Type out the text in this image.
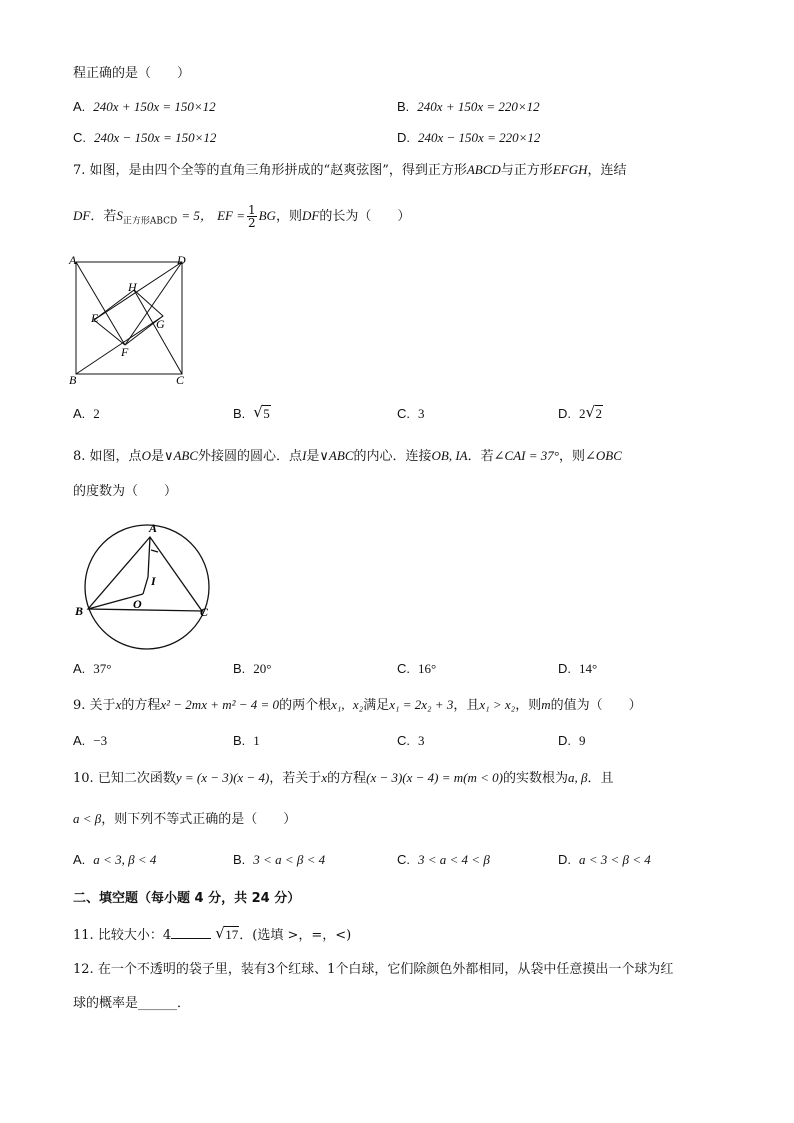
程正确的是（　　）
A. 240x + 150x = 150×12	B. 240x + 150x = 220×12
C. 240x − 150x = 150×12	D. 240x − 150x = 220×12
7. 如图，是由四个全等的直角三角形拼成的“赵爽弦图”，得到正方形ABCD与正方形EFGH，连结
DF．若$S_{正方形ABCD} = 5$， EF = $\frac{1}{2}$ BG，则DF的长为（　　）
A	D
B	C
H
G
E
F
A. 2	B. √ 5	C. 3	D. 2 √ 2
8. 如图，点O是∨ABC外接圆的圆心．点I是∨ABC的内心．连接OB, IA．若∠CAI = 37°，则∠OBC
的度数为（　　）
A
B	C
O
I
A. 37°	B. 20°	C. 16°	D. 14°
9. 关于x的方程x² − 2mx + m² − 4 = 0的两个根x₁, x₂满足x₁ = 2x₂ + 3，且x₁ > x₂，则m的值为（　　）
A. −3	B. 1	C. 3	D. 9
10. 已知二次函数y = (x − 3)(x − 4)，若关于x的方程(x − 3)(x − 4) = m(m < 0)的实数根为a, β．且
a < β，则下列不等式正确的是（　　）
A. a < 3, β < 4	B. 3 < a < β < 4	C. 3 < a < 4 < β	D. a < 3 < β < 4
二、填空题（每小题 4 分，共 24 分）
11. 比较大小：4	√ 17．(选填 >，=，<)
12. 在一个不透明的袋子里，装有3个红球、1个白球，它们除颜色外都相同，从袋中任意摸出一个球为红
球的概率是______．
